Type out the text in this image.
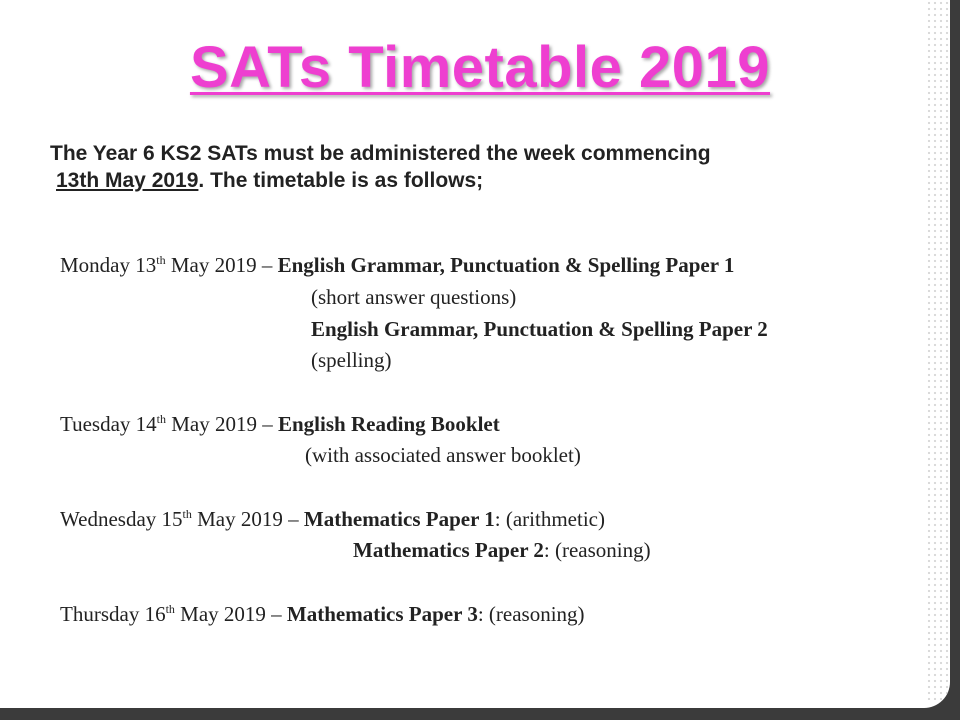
SATs Timetable 2019

The Year 6 KS2 SATs must be administered the week commencing
13th May 2019. The timetable is as follows;

Monday 13th May 2019 – English Grammar, Punctuation & Spelling Paper 1
(short answer questions)
English Grammar, Punctuation & Spelling Paper 2
(spelling)
Tuesday 14th May 2019 – English Reading Booklet
(with associated answer booklet)
Wednesday 15th May 2019 – Mathematics Paper 1: (arithmetic)
Mathematics Paper 2: (reasoning)
Thursday 16th May 2019 – Mathematics Paper 3: (reasoning)
